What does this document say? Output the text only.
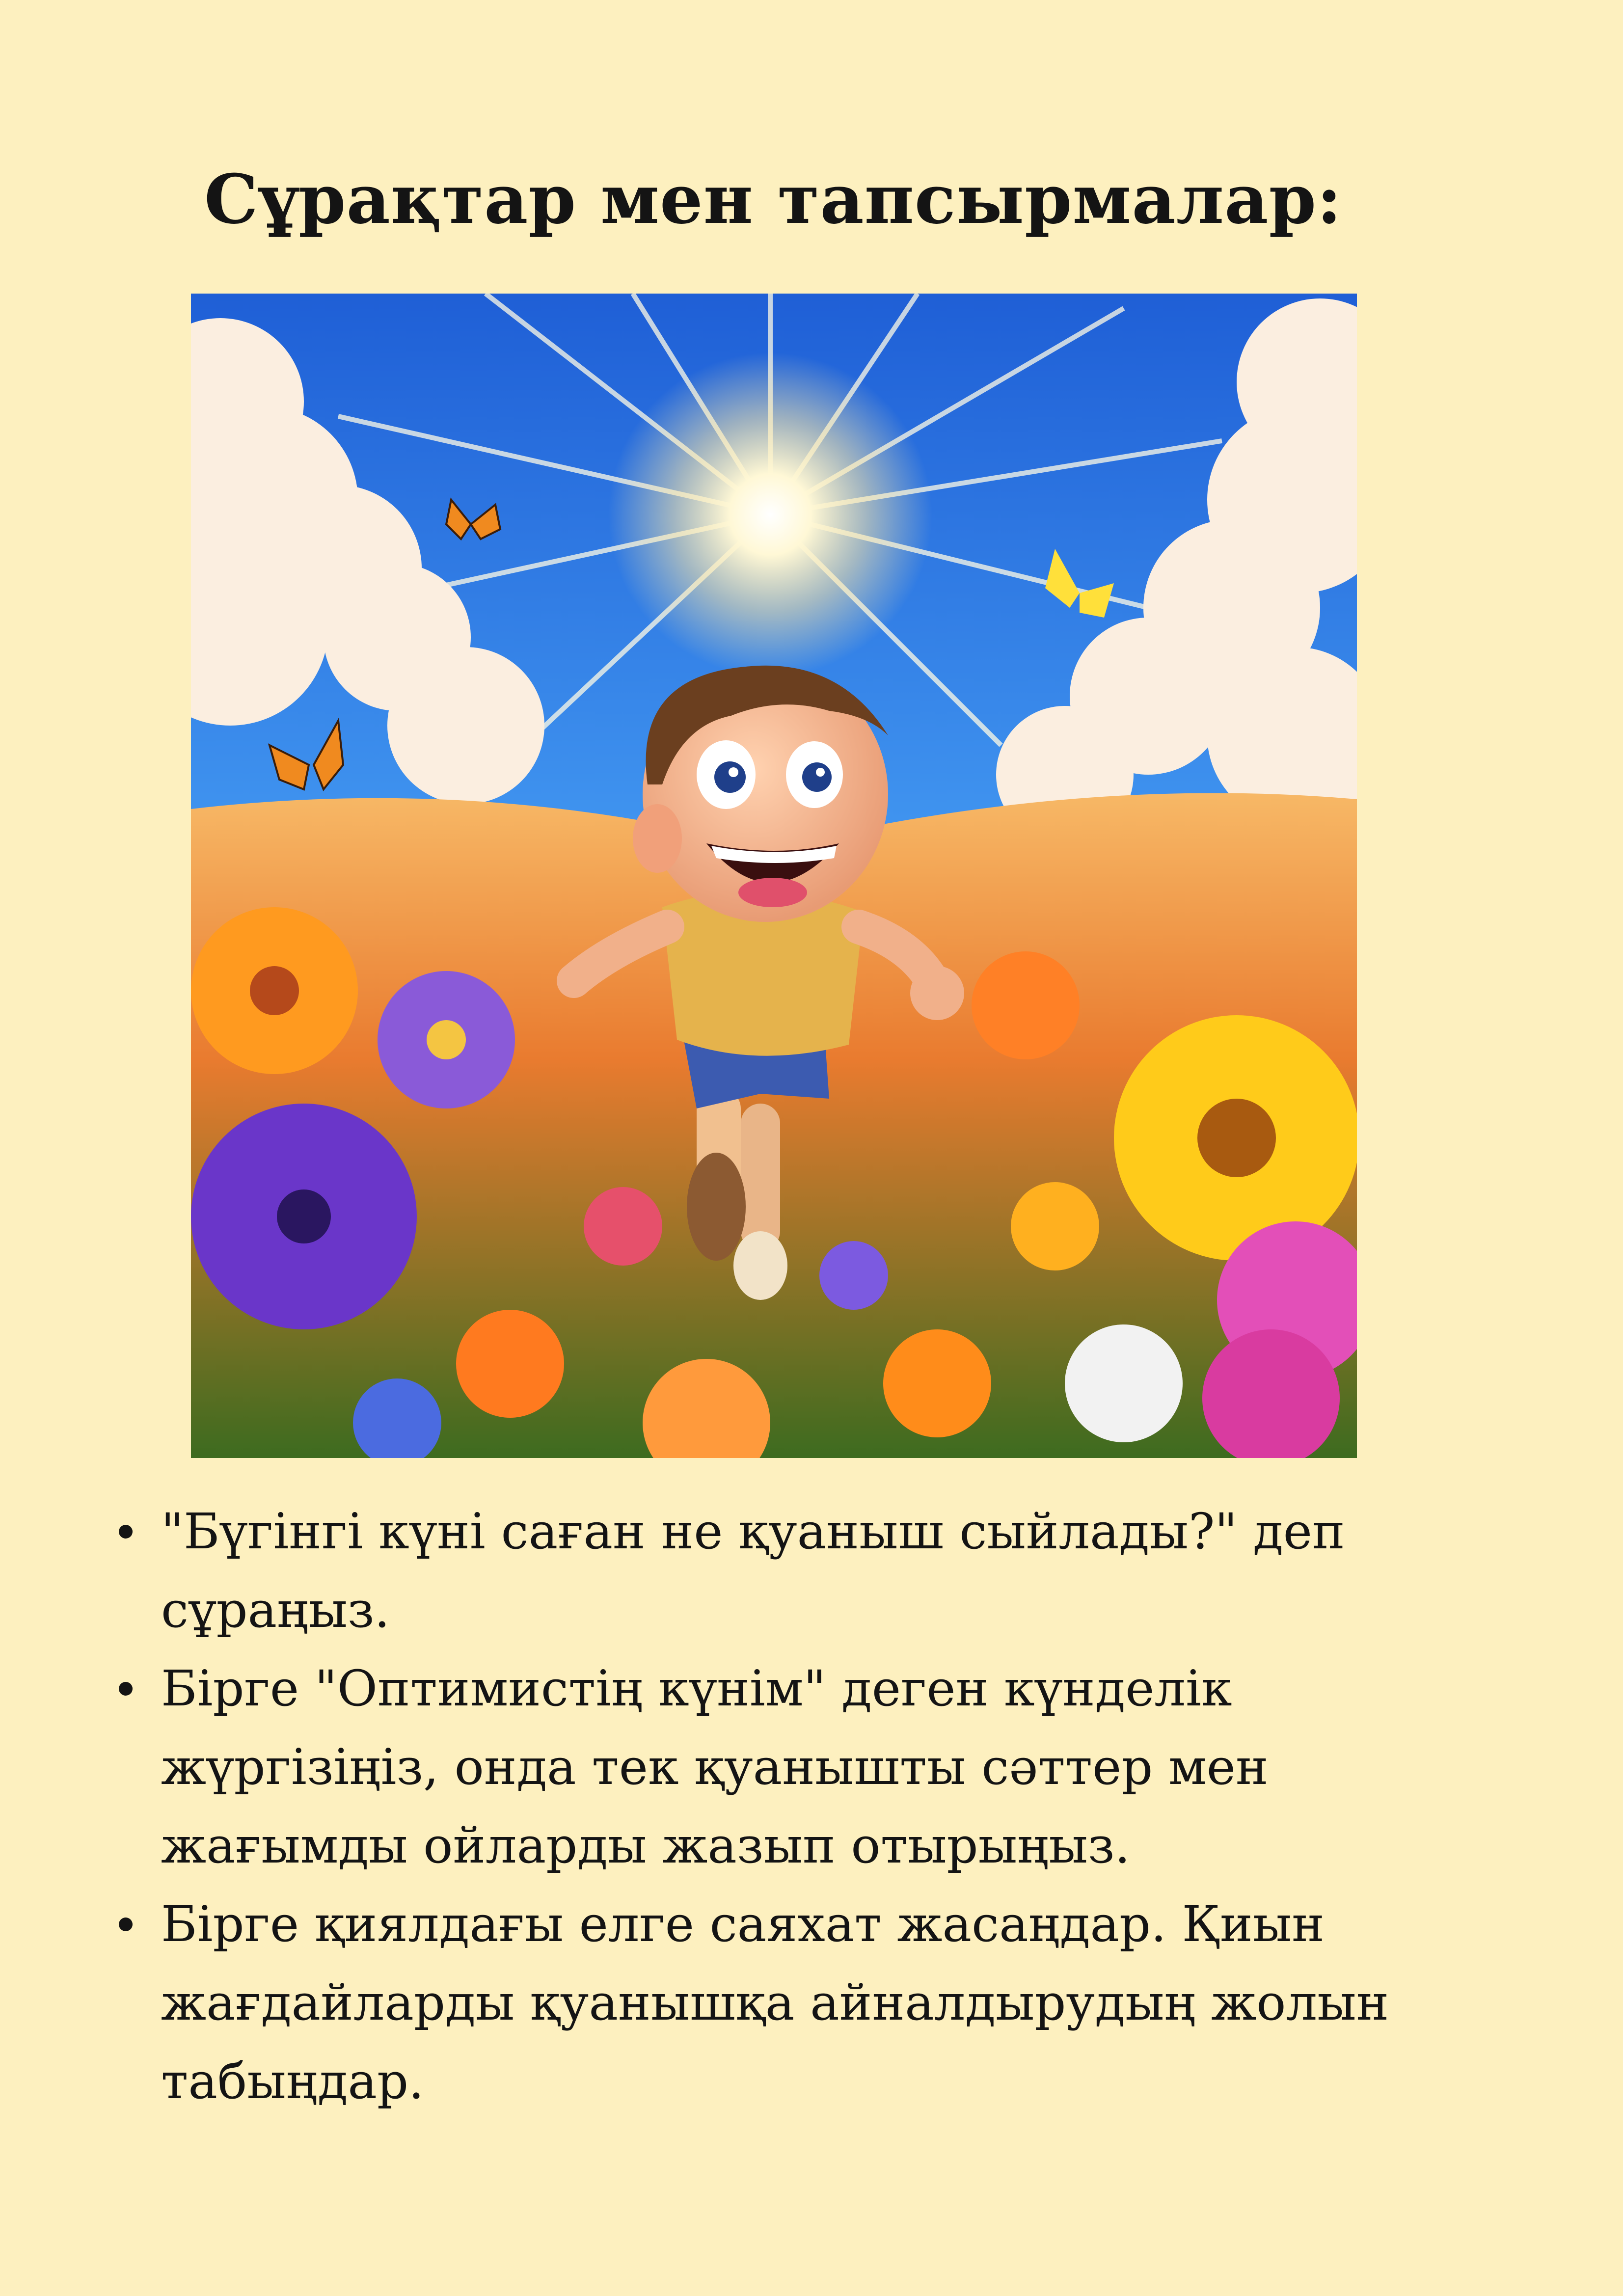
Сұрақтар мен тапсырмалар:
"Бүгінгі күні саған не қуаныш сыйлады?" деп сұраңыз.
Бірге "Оптимистің күнім" деген күнделік жүргізіңіз, онда тек қуанышты сәттер мен жағымды ойларды жазып отырыңыз.
Бірге қиялдағы елге саяхат жасаңдар. Қиын жағдайларды қуанышқа айналдырудың жолын табыңдар.
